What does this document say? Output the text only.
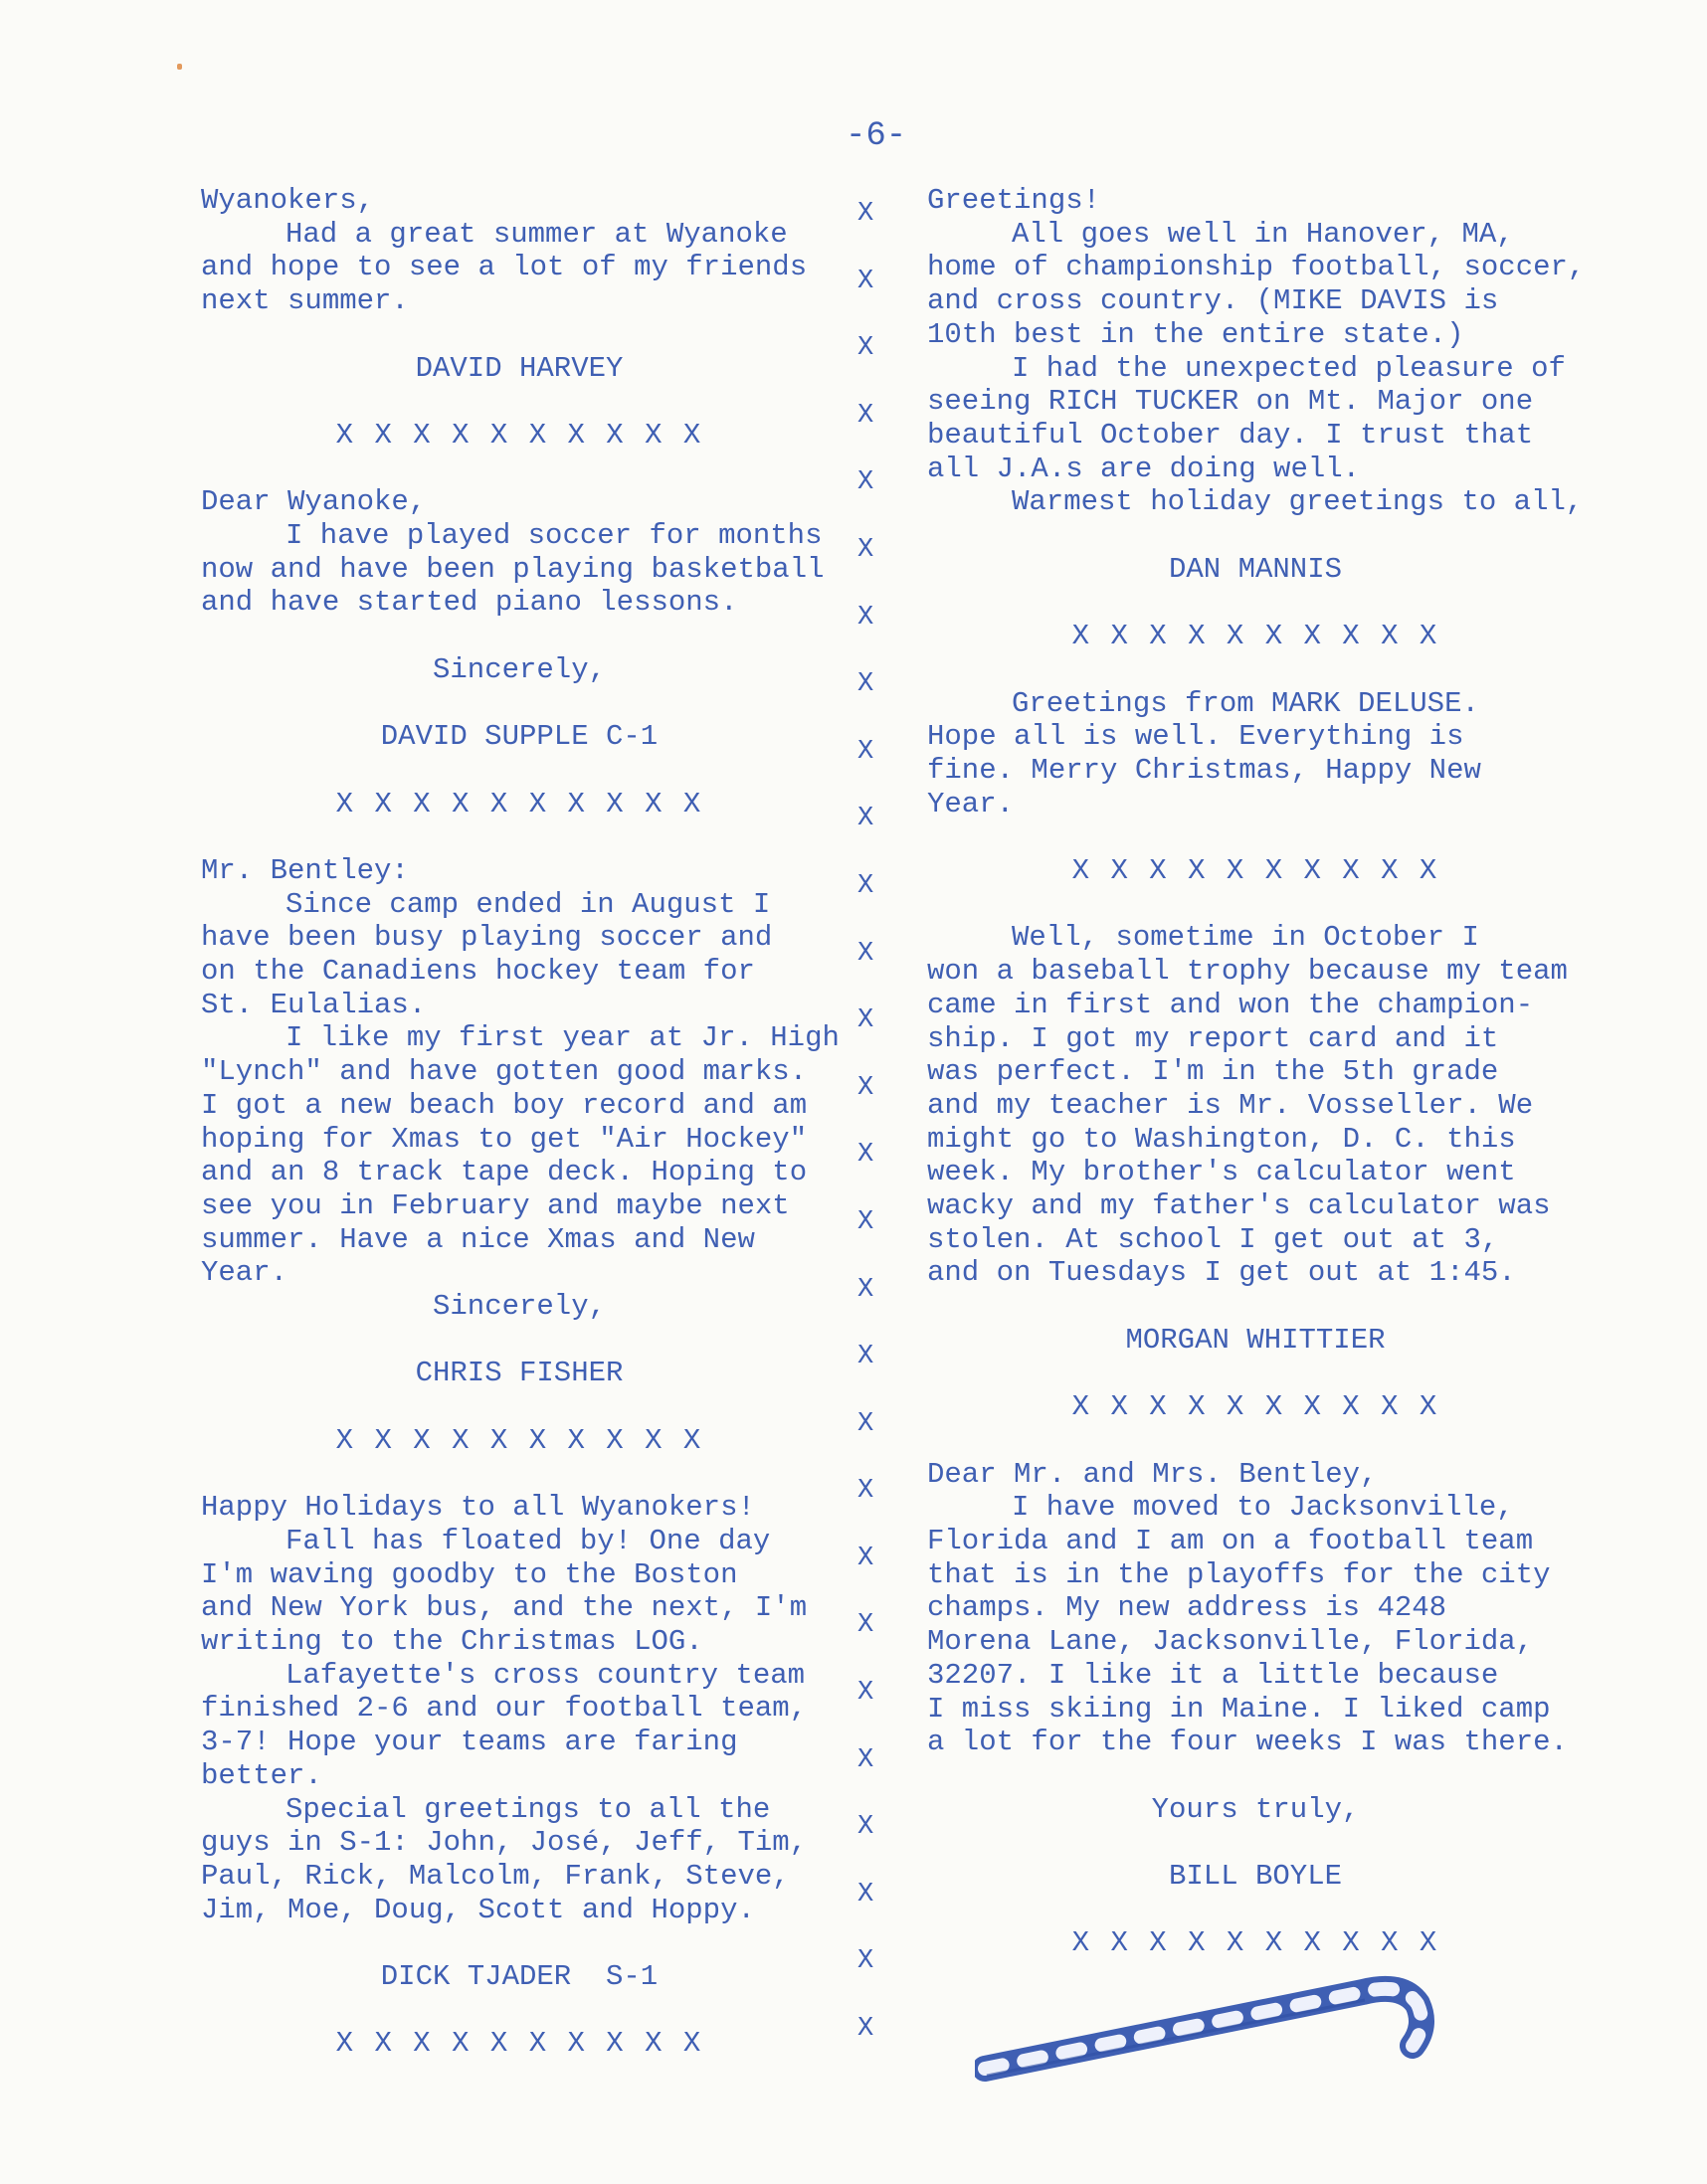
-6-

Wyanokers,

Had a great summer at Wyanoke

and hope to see a lot of my friends

next summer.

DAVID HARVEY

X X X X X X X X X X

Dear Wyanoke,

I have played soccer for months

now and have been playing basketball

and have started piano lessons.

Sincerely,

DAVID SUPPLE C-1

X X X X X X X X X X

Mr. Bentley:

Since camp ended in August I

have been busy playing soccer and

on the Canadiens hockey team for

St. Eulalias.

I like my first year at Jr. High

"Lynch" and have gotten good marks.

I got a new beach boy record and am

hoping for Xmas to get "Air Hockey"

and an 8 track tape deck. Hoping to

see you in February and maybe next

summer. Have a nice Xmas and New

Year.

Sincerely,

CHRIS FISHER

X X X X X X X X X X

Happy Holidays to all Wyanokers!

Fall has floated by! One day

I'm waving goodby to the Boston

and New York bus, and the next, I'm

writing to the Christmas LOG.

Lafayette's cross country team

finished 2-6 and our football team,

3-7! Hope your teams are faring

better.

Special greetings to all the

guys in S-1: John, José, Jeff, Tim,

Paul, Rick, Malcolm, Frank, Steve,

Jim, Moe, Doug, Scott and Hoppy.

DICK TJADER  S-1

X X X X X X X X X X

X
X
X
X
X
X
X
X
X
X
X
X
X
X
X
X
X
X
X
X
X
X
X
X
X
X
X
X

Greetings!

All goes well in Hanover, MA,

home of championship football, soccer,

and cross country. (MIKE DAVIS is

10th best in the entire state.)

I had the unexpected pleasure of

seeing RICH TUCKER on Mt. Major one

beautiful October day. I trust that

all J.A.s are doing well.

Warmest holiday greetings to all,

DAN MANNIS

X X X X X X X X X X

Greetings from MARK DELUSE.

Hope all is well. Everything is

fine. Merry Christmas, Happy New

Year.

X X X X X X X X X X

Well, sometime in October I

won a baseball trophy because my team

came in first and won the champion-

ship. I got my report card and it

was perfect. I'm in the 5th grade

and my teacher is Mr. Vosseller. We

might go to Washington, D. C. this

week. My brother's calculator went

wacky and my father's calculator was

stolen. At school I get out at 3,

and on Tuesdays I get out at 1:45.

MORGAN WHITTIER

X X X X X X X X X X

Dear Mr. and Mrs. Bentley,

I have moved to Jacksonville,

Florida and I am on a football team

that is in the playoffs for the city

champs. My new address is 4248

Morena Lane, Jacksonville, Florida,

32207. I like it a little because

I miss skiing in Maine. I liked camp

a lot for the four weeks I was there.

Yours truly,

BILL BOYLE

X X X X X X X X X X
